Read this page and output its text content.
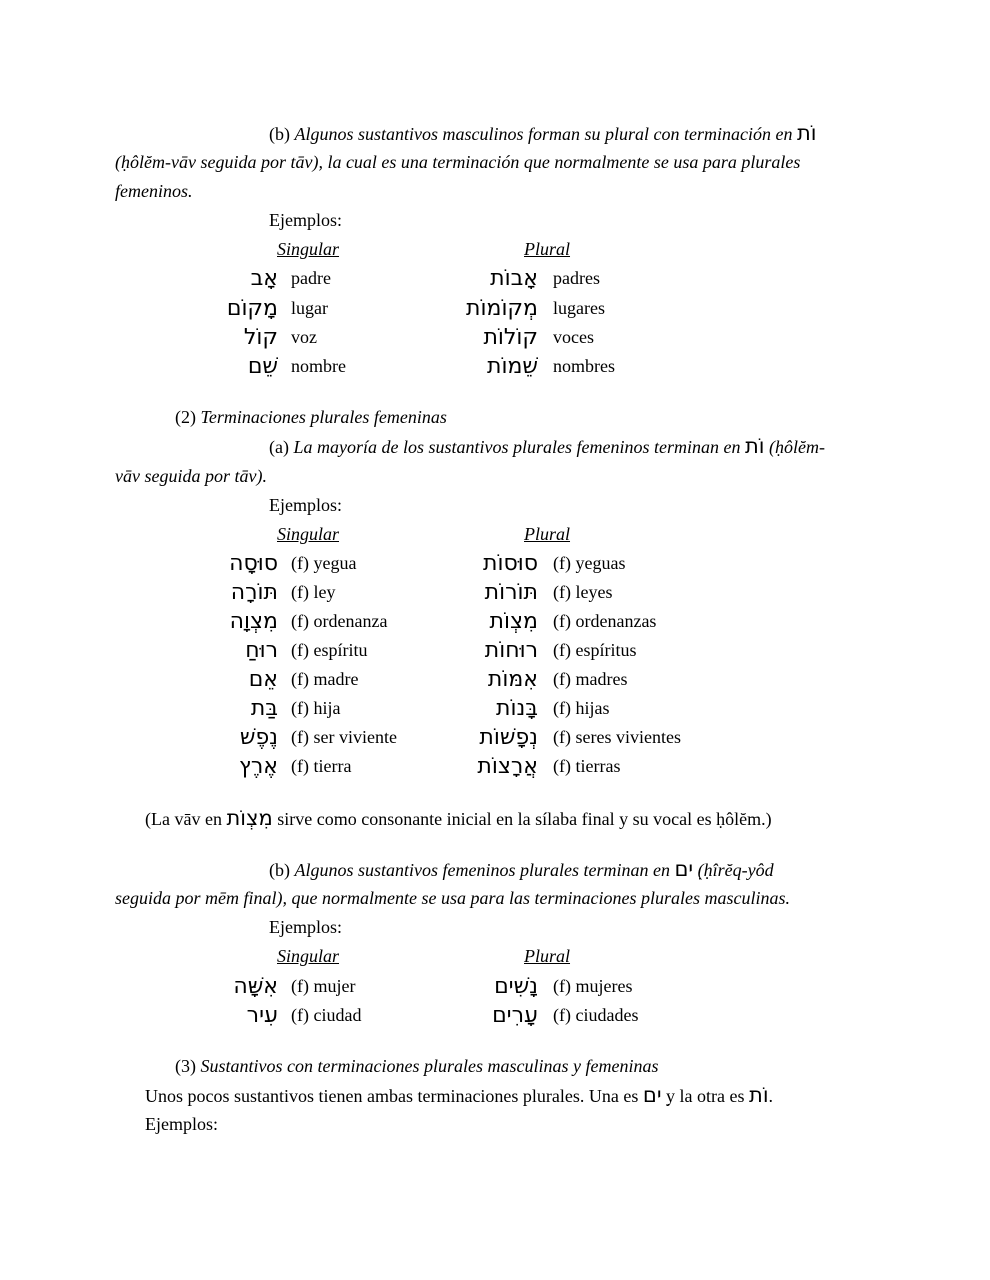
(b) Algunos sustantivos masculinos forman su plural con terminación en וֹת
(ḥôlĕm-vāv seguida por tāv), la cual es una terminación que normalmente se usa para plurales
femeninos.
Ejemplos:
Singular	Plural
אָב padre	אָבוֹת padres
מָקוֹם lugar	מְקוֹמוֹת lugares
קוֹל voz	קוֹלוֹת voces
שֵׁם nombre	שֵׁמוֹת nombres
(2) Terminaciones plurales femeninas
(a) La mayoría de los sustantivos plurales femeninos terminan en וֹת (ḥôlĕm-
vāv seguida por tāv).
Ejemplos:
Singular	Plural
סוּסָה (f) yegua	סוּסוֹת (f) yeguas
תּוֹרָה (f) ley	תּוֹרוֹת (f) leyes
מִצְוָה (f) ordenanza	מִצְוֹת (f) ordenanzas
רוּחַ (f) espíritu	רוּחוֹת (f) espíritus
אֵם (f) madre	אִמּוֹת (f) madres
בַּת (f) hija	בָּנוֹת (f) hijas
נֶפֶשׁ (f) ser viviente	נְפָשׁוֹת (f) seres vivientes
אֶרֶץ (f) tierra	אֲרָצוֹת (f) tierras
(La vāv en מִצְוֹת sirve como consonante inicial en la sílaba final y su vocal es ḥôlĕm.)
(b) Algunos sustantivos femeninos plurales terminan en ִים (ḥîrĕq-yôd
seguida por mēm final), que normalmente se usa para las terminaciones plurales masculinas.
Ejemplos:
Singular	Plural
אִשָּׁה (f) mujer	נָשִׁים (f) mujeres
עִיר (f) ciudad	עָרִים (f) ciudades
(3) Sustantivos con terminaciones plurales masculinas y femeninas
Unos pocos sustantivos tienen ambas terminaciones plurales. Una es ִים y la otra es וֹת.
Ejemplos:
